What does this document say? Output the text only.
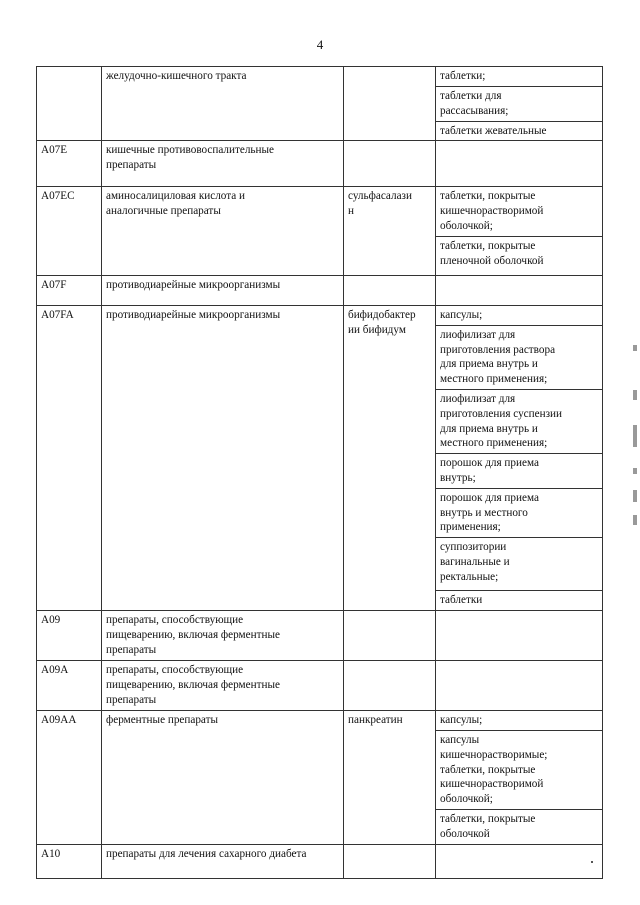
4

	желудочно-кишечного тракта		таблетки;

			таблетки для
рассасывания;

			таблетки жевательные

A07E	кишечные противовоспалительные
препараты		

A07EC	аминосалициловая кислота и
аналогичные препараты	сульфасалази
н	таблетки, покрытые
кишечнорастворимой
оболочкой;

			таблетки, покрытые
пленочной оболочкой

A07F	противодиарейные микроорганизмы		

A07FA	противодиарейные микроорганизмы	бифидобактер
ии бифидум	капсулы;

			лиофилизат для
приготовления раствора
для приема внутрь и
местного применения;

			лиофилизат для
приготовления суспензии
для приема внутрь и
местного применения;

			порошок для приема
внутрь;

			порошок для приема
внутрь и местного
применения;

			суппозитории
вагинальные и
ректальные;

			таблетки

A09	препараты, способствующие
пищеварению, включая ферментные
препараты		

A09A	препараты, способствующие
пищеварению, включая ферментные
препараты		

A09AA	ферментные препараты	панкреатин	капсулы;

			капсулы
кишечнорастворимые;
таблетки, покрытые
кишечнорастворимой
оболочкой;

			таблетки, покрытые
оболочкой

A10	препараты для лечения сахарного диабета		
